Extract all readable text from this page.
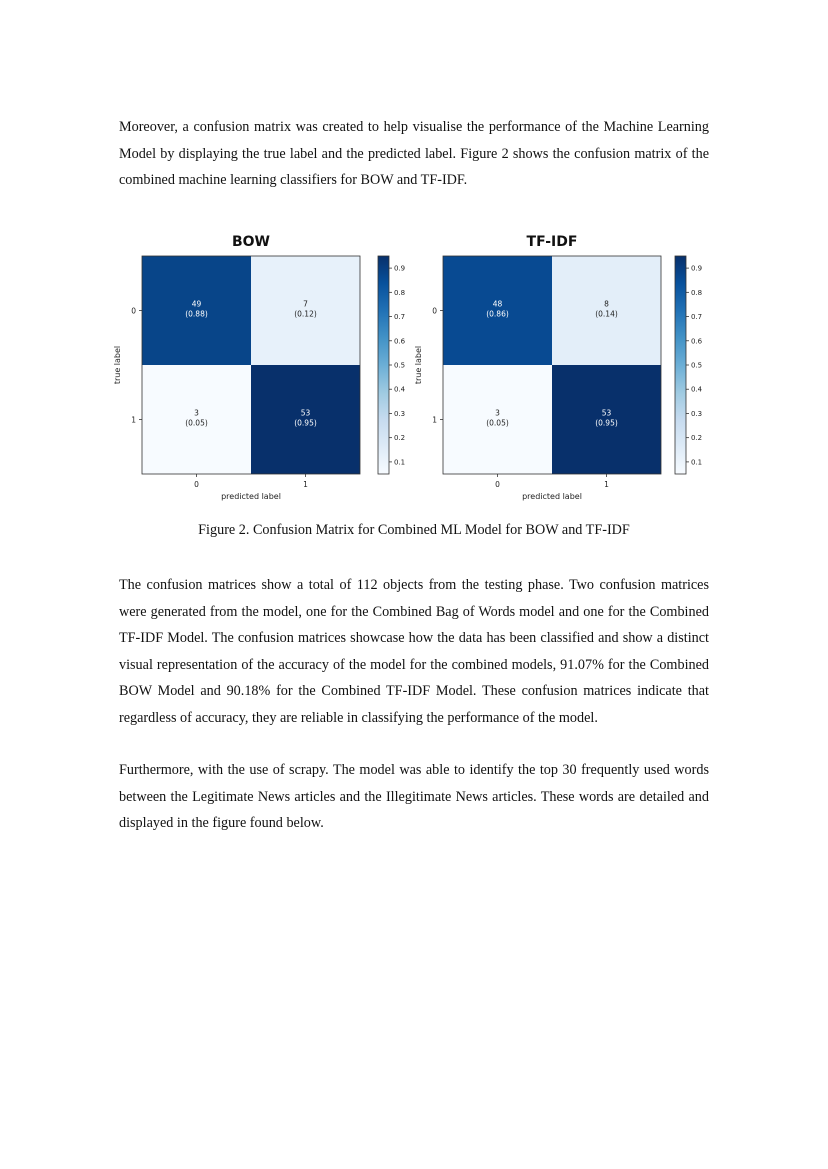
Moreover, a confusion matrix was created to help visualise the performance of the Machine Learning Model by displaying the true label and the predicted label. Figure 2 shows the confusion matrix of the combined machine learning classifiers for BOW and TF-IDF.

BOW
49
(0.88)
7
(0.12)
3
(0.05)
53
(0.95)
0
1
0	1
predicted label
true label
0.1
0.2
0.3
0.4
0.5
0.6
0.7
0.8
0.9
TF-IDF
48
(0.86)
8
(0.14)
3
(0.05)
53
(0.95)
0
1
0	1
predicted label
true label
0.1
0.2
0.3
0.4
0.5
0.6
0.7
0.8
0.9

Figure 2. Confusion Matrix for Combined ML Model for BOW and TF-IDF

The confusion matrices show a total of 112 objects from the testing phase. Two confusion matrices were generated from the model, one for the Combined Bag of Words model and one for the Combined TF-IDF Model. The confusion matrices showcase how the data has been classified and show a distinct visual representation of the accuracy of the model for the combined models, 91.07% for the Combined BOW Model and 90.18% for the Combined TF-IDF Model. These confusion matrices indicate that regardless of accuracy, they are reliable in classifying the performance of the model.

Furthermore, with the use of scrapy. The model was able to identify the top 30 frequently used words between the Legitimate News articles and the Illegitimate News articles. These words are detailed and displayed in the figure found below.
